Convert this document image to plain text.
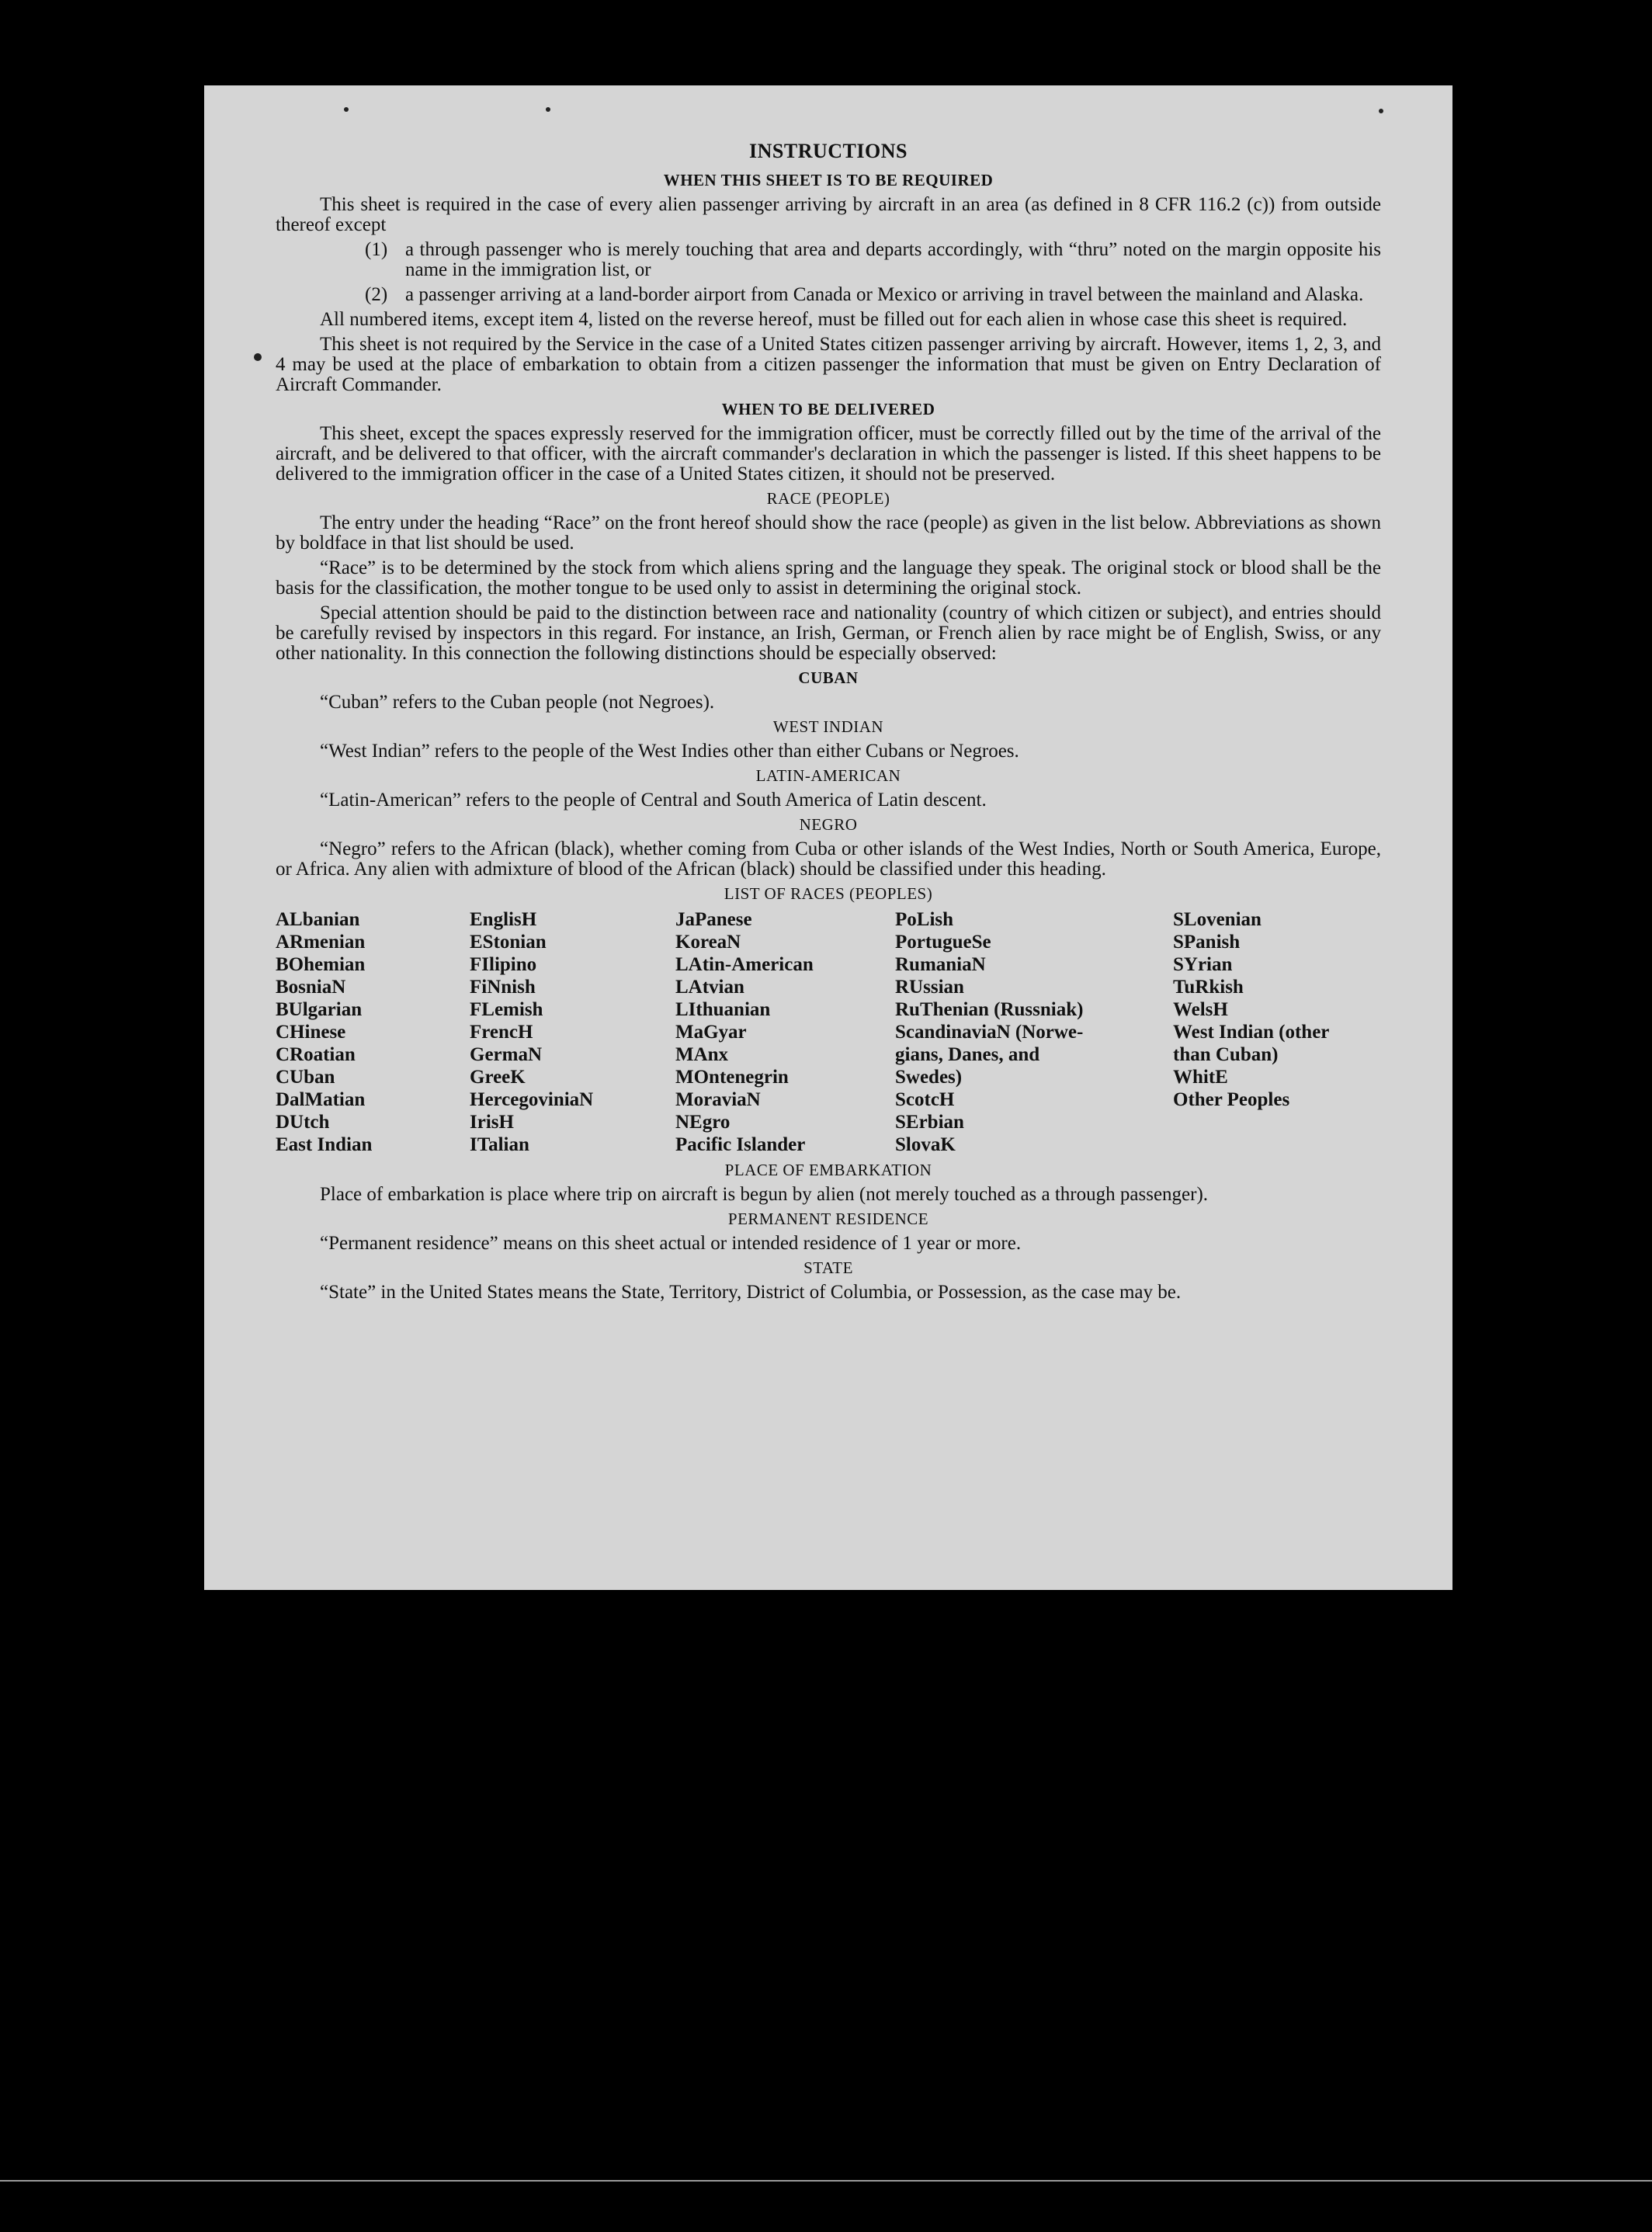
INSTRUCTIONS
WHEN THIS SHEET IS TO BE REQUIRED

This sheet is required in the case of every alien passenger arriving by aircraft in an area (as defined in 8 CFR 116.2 (c)) from outside thereof except

(1) a through passenger who is merely touching that area and departs accordingly, with “thru” noted on the margin opposite his name in the immigration list, or
(2) a passenger arriving at a land-border airport from Canada or Mexico or arriving in travel between the mainland and Alaska.

All numbered items, except item 4, listed on the reverse hereof, must be filled out for each alien in whose case this sheet is required.

This sheet is not required by the Service in the case of a United States citizen passenger arriving by aircraft. However, items 1, 2, 3, and 4 may be used at the place of embarkation to obtain from a citizen passenger the information that must be given on Entry Declaration of Aircraft Commander.

WHEN TO BE DELIVERED

This sheet, except the spaces expressly reserved for the immigration officer, must be correctly filled out by the time of the arrival of the aircraft, and be delivered to that officer, with the aircraft commander's declaration in which the passenger is listed. If this sheet happens to be delivered to the immigration officer in the case of a United States citizen, it should not be preserved.

RACE (PEOPLE)

The entry under the heading “Race” on the front hereof should show the race (people) as given in the list below. Abbreviations as shown by boldface in that list should be used.

“Race” is to be determined by the stock from which aliens spring and the language they speak. The original stock or blood shall be the basis for the classification, the mother tongue to be used only to assist in determining the original stock.

Special attention should be paid to the distinction between race and nationality (country of which citizen or subject), and entries should be carefully revised by inspectors in this regard. For instance, an Irish, German, or French alien by race might be of English, Swiss, or any other nationality. In this connection the following distinctions should be especially observed:

CUBAN

“Cuban” refers to the Cuban people (not Negroes).

WEST INDIAN

“West Indian” refers to the people of the West Indies other than either Cubans or Negroes.

LATIN-AMERICAN

“Latin-American” refers to the people of Central and South America of Latin descent.

NEGRO

“Negro” refers to the African (black), whether coming from Cuba or other islands of the West Indies, North or South America, Europe, or Africa. Any alien with admixture of blood of the African (black) should be classified under this heading.

LIST OF RACES (PEOPLES)
ALbanian
ARmenian
BOhemian
BosniaN
BUlgarian
CHinese
CRoatian
CUban
DalMatian
DUtch
East Indian
EnglisH
EStonian
FIlipino
FiNnish
FLemish
FrencH
GermaN
GreeK
HercegoviniaN
IrisH
ITalian
JaPanese
KoreaN
LAtin-American
LAtvian
LIthuanian
MaGyar
MAnx
MOntenegrin
MoraviaN
NEgro
Pacific Islander
PoLish
PortugueSe
RumaniaN
RUssian
RuThenian (Russniak)
ScandinaviaN (Norwe-
gians, Danes, and
Swedes)
ScotcH
SErbian
SlovaK
SLovenian
SPanish
SYrian
TuRkish
WelsH
West Indian (other
than Cuban)
WhitE
Other Peoples
PLACE OF EMBARKATION

Place of embarkation is place where trip on aircraft is begun by alien (not merely touched as a through passenger).

PERMANENT RESIDENCE

“Permanent residence” means on this sheet actual or intended residence of 1 year or more.

STATE

“State” in the United States means the State, Territory, District of Columbia, or Possession, as the case may be.
